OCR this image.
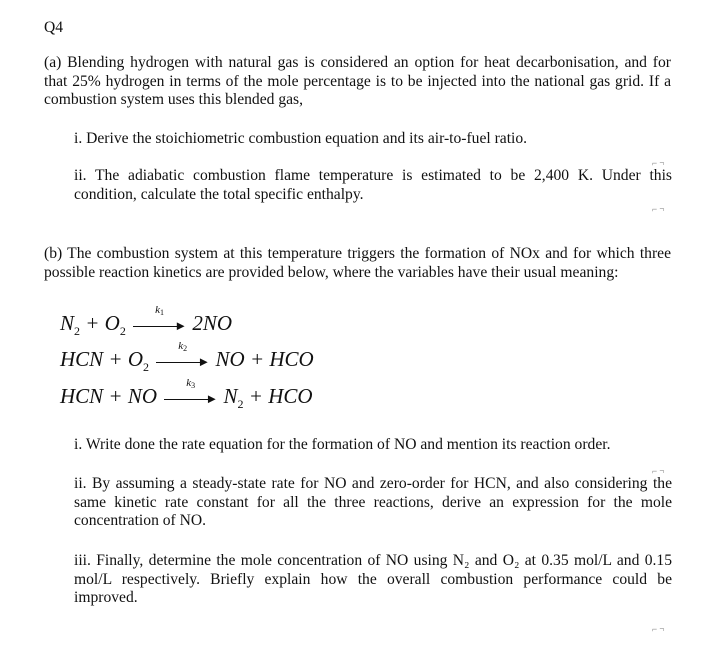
Q4
(a) Blending hydrogen with natural gas is considered an option for heat decarbonisation, and for that 25% hydrogen in terms of the mole percentage is to be injected into the national gas grid. If a combustion system uses this blended gas,
i. Derive the stoichiometric combustion equation and its air-to-fuel ratio.
ii. The adiabatic combustion flame temperature is estimated to be 2,400 K. Under this condition, calculate the total specific enthalpy.
(b) The combustion system at this temperature triggers the formation of NOx and for which three possible reaction kinetics are provided below, where the variables have their usual meaning:
$N_2 + O_2$	►
$k_1$ 2NO
HCN + $O_2$	►
$k_2$ NO + HCO
HCN + NO	►
$k_3$ $N_2$ + HCO
i. Write done the rate equation for the formation of NO and mention its reaction order.
ii. By assuming a steady-state rate for NO and zero-order for HCN, and also considering the same kinetic rate constant for all the three reactions, derive an expression for the mole concentration of NO.
iii. Finally, determine the mole concentration of NO using N₂ and O₂ at 0.35 mol/L and 0.15 mol/L respectively. Briefly explain how the overall combustion performance could be improved.
⌐ ¬
⌐ ¬
⌐ ¬
⌐ ¬
